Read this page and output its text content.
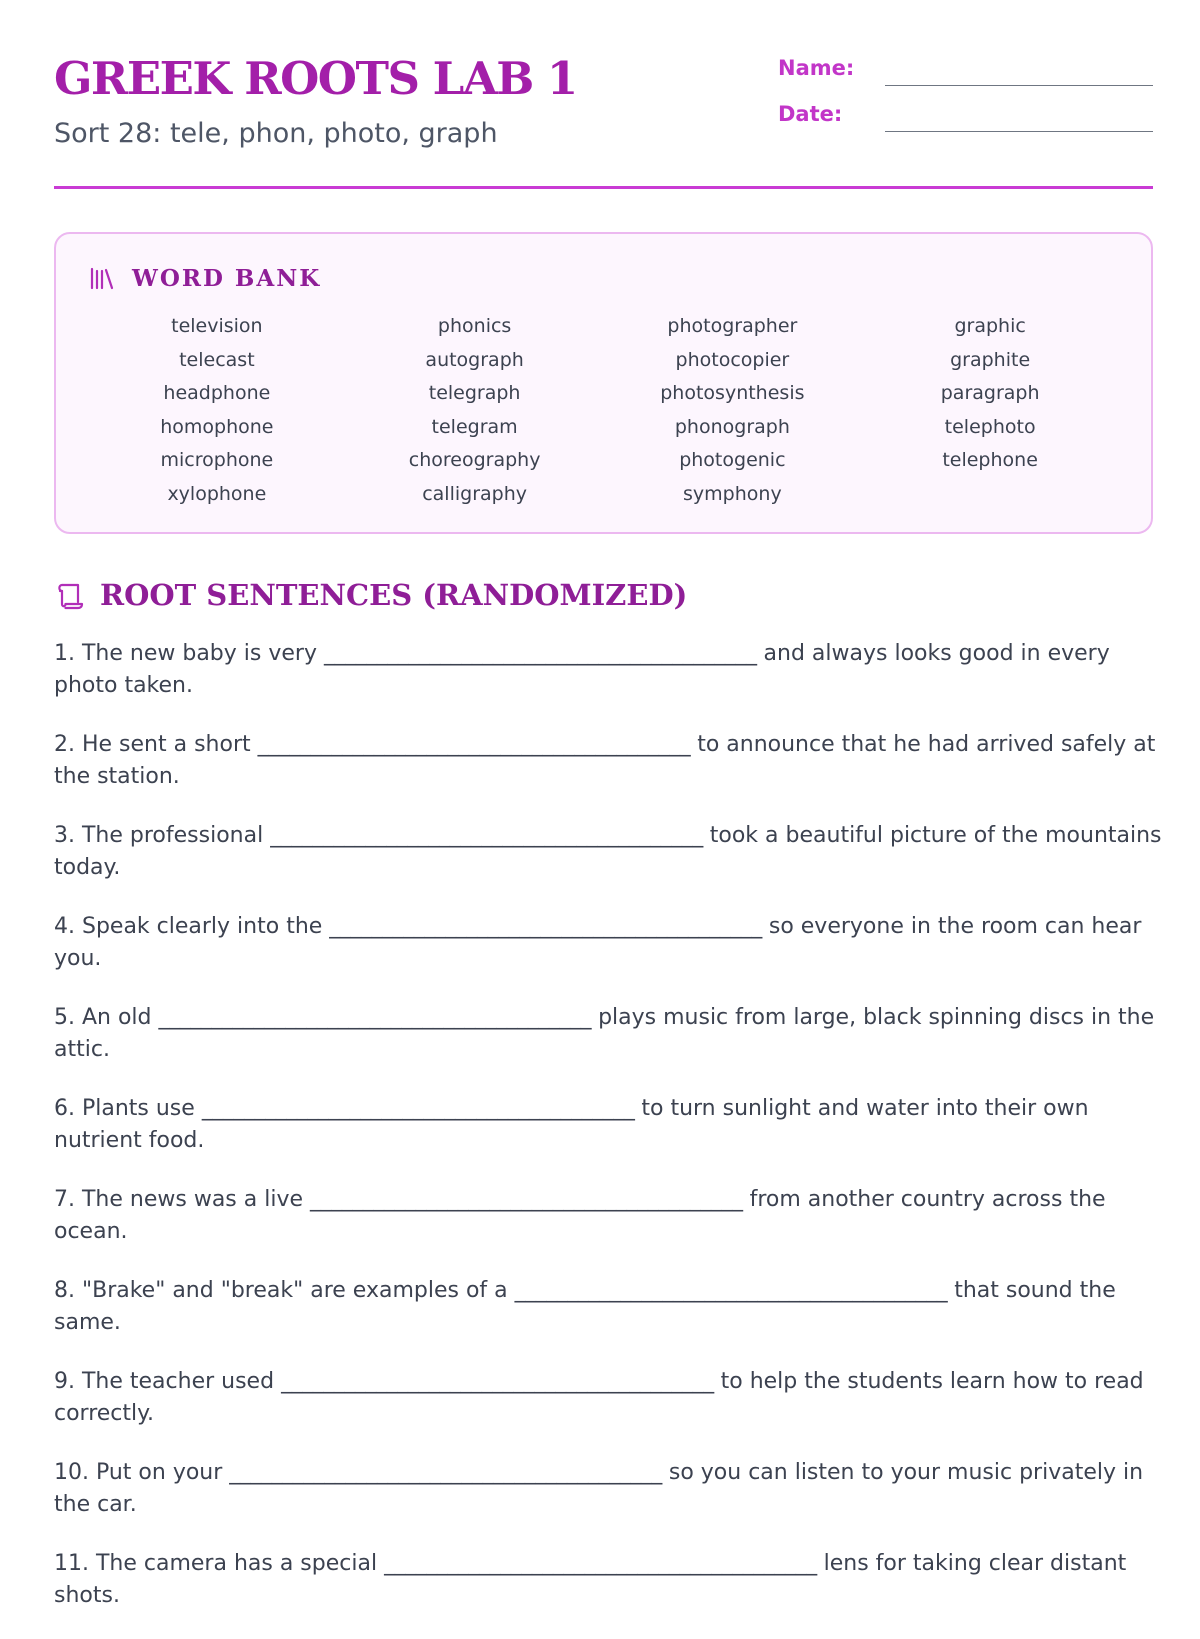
GREEK ROOTS LAB 1
Sort 28: tele, phon, photo, graph
Name:
Date:
WORD BANK
television
telecast
headphone
homophone
microphone
xylophone
phonics
autograph
telegraph
telegram
choreography
calligraphy
photographer
photocopier
photosynthesis
phonograph
photogenic
symphony
graphic
graphite
paragraph
telephoto
telephone
ROOT SENTENCES (RANDOMIZED)
1. The new baby is very _________________________________________ and always looks good in every photo taken.
2. He sent a short _________________________________________ to announce that he had arrived safely at the station.
3. The professional _________________________________________ took a beautiful picture of the mountains today.
4. Speak clearly into the _________________________________________ so everyone in the room can hear you.
5. An old _________________________________________ plays music from large, black spinning discs in the attic.
6. Plants use _________________________________________ to turn sunlight and water into their own nutrient food.
7. The news was a live _________________________________________ from another country across the ocean.
8. "Brake" and "break" are examples of a _________________________________________ that sound the same.
9. The teacher used _________________________________________ to help the students learn how to read correctly.
10. Put on your _________________________________________ so you can listen to your music privately in the car.
11. The camera has a special _________________________________________ lens for taking clear distant shots.
